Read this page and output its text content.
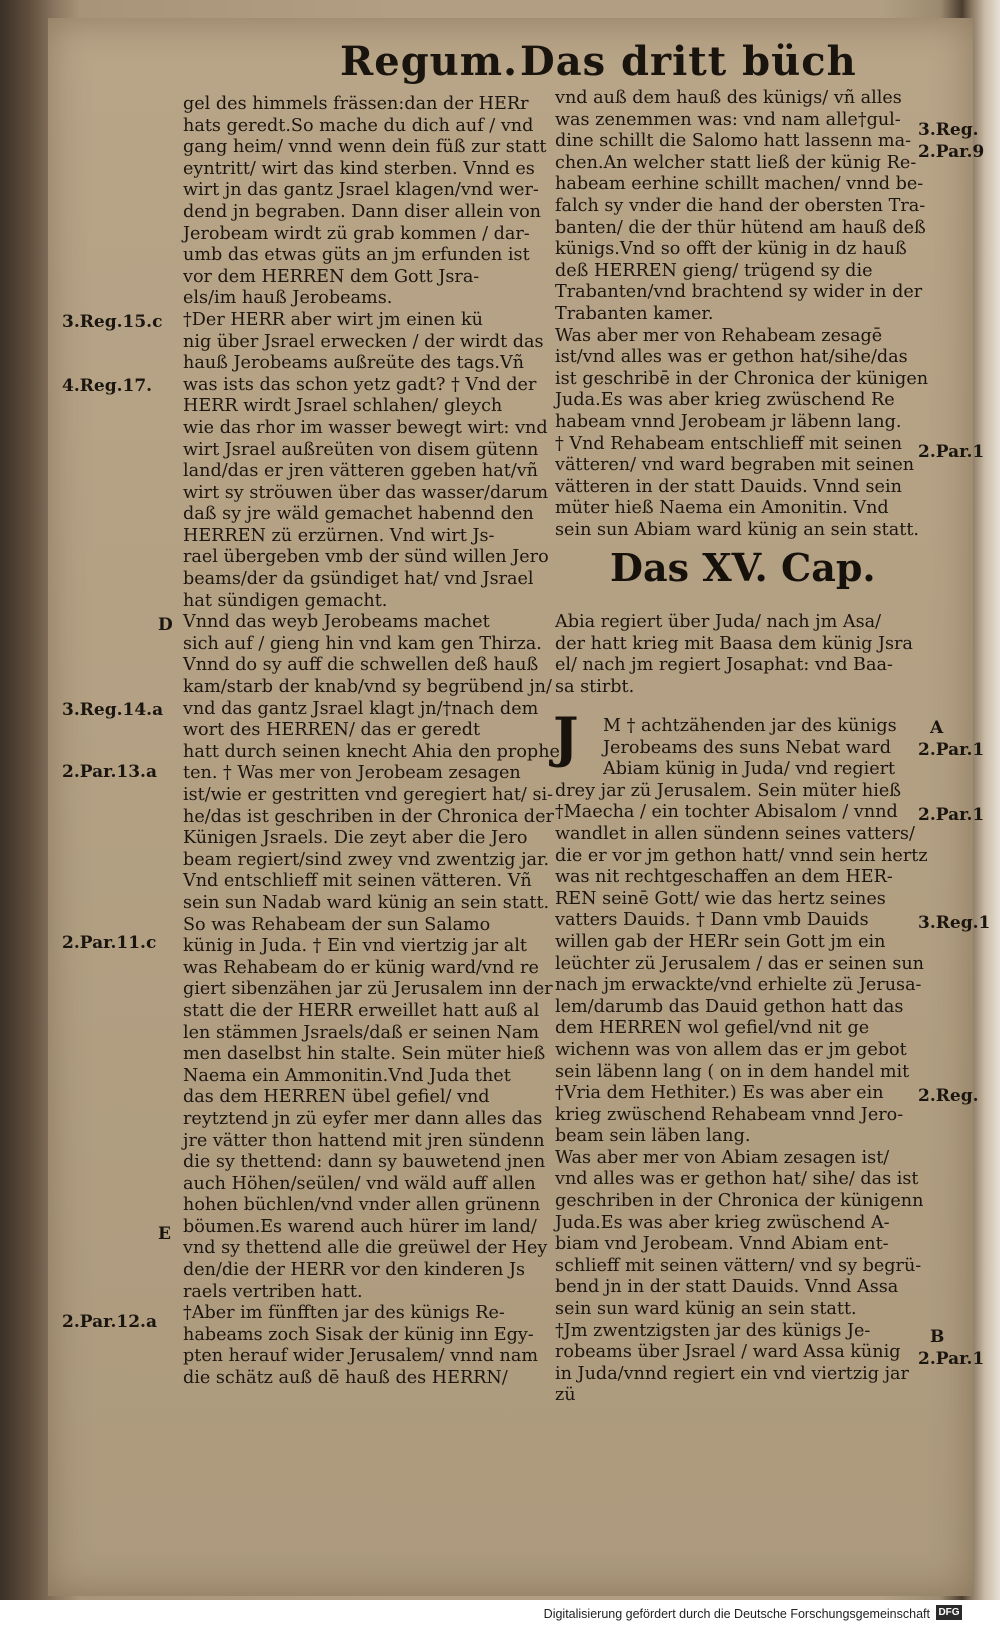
Regum. Das dritt büch

gel des himmels frässen:dan der HERr

hats geredt.So mache du dich auf / vnd

gang heim/ vnnd wenn dein füß zur statt

eyntritt/ wirt das kind sterben. Vnnd es

wirt jn das gantz Jsrael klagen/vnd wer-

dend jn begraben. Dann diser allein von

Jerobeam wirdt zü grab kommen / dar-

umb das etwas güts an jm erfunden ist

vor dem HERREN dem Gott Jsra-

els/im hauß Jerobeams.

†Der HERR aber wirt jm einen kü

nig über Jsrael erwecken / der wirdt das

hauß Jerobeams außreüte des tags.Vñ

was ists das schon yetz gadt? † Vnd der

HERR wirdt Jsrael schlahen/ gleych

wie das rhor im wasser bewegt wirt: vnd

wirt Jsrael außreüten von disem gütenn

land/das er jren vätteren ggeben hat/vñ

wirt sy ströuwen über das wasser/darum

daß sy jre wäld gemachet habennd den

HERREN zü erzürnen. Vnd wirt Js-

rael übergeben vmb der sünd willen Jero

beams/der da gsündiget hat/ vnd Jsrael

hat sündigen gemacht.

Vnnd das weyb Jerobeams machet

sich auf / gieng hin vnd kam gen Thirza.

Vnnd do sy auff die schwellen deß hauß

kam/starb der knab/vnd sy begrübend jn/

vnd das gantz Jsrael klagt jn/†nach dem

wort des HERREN/ das er geredt

hatt durch seinen knecht Ahia den prophe

ten. † Was mer von Jerobeam zesagen

ist/wie er gestritten vnd geregiert hat/ si-

he/das ist geschriben in der Chronica der

Künigen Jsraels. Die zeyt aber die Jero

beam regiert/sind zwey vnd zwentzig jar.

Vnd entschlieff mit seinen vätteren. Vñ

sein sun Nadab ward künig an sein statt.

So was Rehabeam der sun Salamo

künig in Juda. † Ein vnd viertzig jar alt

was Rehabeam do er künig ward/vnd re

giert sibenzähen jar zü Jerusalem inn der

statt die der HERR erweillet hatt auß al

len stämmen Jsraels/daß er seinen Nam

men daselbst hin stalte. Sein müter hieß

Naema ein Ammonitin.Vnd Juda thet

das dem HERREN übel gefiel/ vnd

reytztend jn zü eyfer mer dann alles das

jre vätter thon hattend mit jren sündenn

die sy thettend: dann sy bauwetend jnen

auch Höhen/seülen/ vnd wäld auff allen

hohen büchlen/vnd vnder allen grünenn

böumen.Es warend auch hürer im land/

vnd sy thettend alle die greüwel der Hey

den/die der HERR vor den kinderen Js

raels vertriben hatt.

†Aber im fünfften jar des künigs Re-

habeams zoch Sisak der künig inn Egy-

pten herauf wider Jerusalem/ vnnd nam

die schätz auß dē hauß des HERRN/

vnd auß dem hauß des künigs/ vñ alles

was zenemmen was: vnd nam alle†gul-

dine schillt die Salomo hatt lassenn ma-

chen.An welcher statt ließ der künig Re-

habeam eerhine schillt machen/ vnnd be-

falch sy vnder die hand der obersten Tra-

banten/ die der thür hütend am hauß deß

künigs.Vnd so offt der künig in dz hauß

deß HERREN gieng/ trügend sy die

Trabanten/vnd brachtend sy wider in der

Trabanten kamer.

Was aber mer von Rehabeam zesagē

ist/vnd alles was er gethon hat/sihe/das

ist geschribē in der Chronica der künigen

Juda.Es was aber krieg zwüschend Re

habeam vnnd Jerobeam jr läbenn lang.

† Vnd Rehabeam entschlieff mit seinen

vätteren/ vnd ward begraben mit seinen

vätteren in der statt Dauids. Vnnd sein

müter hieß Naema ein Amonitin. Vnd

sein sun Abiam ward künig an sein statt.

Das XV. Cap.

Abia regiert über Juda/ nach jm Asa/

der hatt krieg mit Baasa dem künig Jsra

el/ nach jm regiert Josaphat: vnd Baa-

sa stirbt.

J	M † achtzähenden jar des künigs

Jerobeams des suns Nebat ward

Abiam künig in Juda/ vnd regiert

drey jar zü Jerusalem. Sein müter hieß

†Maecha / ein tochter Abisalom / vnnd

wandlet in allen sündenn seines vatters/

die er vor jm gethon hatt/ vnnd sein hertz

was nit rechtgeschaffen an dem HER-

REN seinē Gott/ wie das hertz seines

vatters Dauids. † Dann vmb Dauids

willen gab der HERr sein Gott jm ein

leüchter zü Jerusalem / das er seinen sun

nach jm erwackte/vnd erhielte zü Jerusa-

lem/darumb das Dauid gethon hatt das

dem HERREN wol gefiel/vnd nit ge

wichenn was von allem das er jm gebot

sein läbenn lang ( on in dem handel mit

†Vria dem Hethiter.) Es was aber ein

krieg zwüschend Rehabeam vnnd Jero-

beam sein läben lang.

Was aber mer von Abiam zesagen ist/

vnd alles was er gethon hat/ sihe/ das ist

geschriben in der Chronica der künigenn

Juda.Es was aber krieg zwüschend A-

biam vnd Jerobeam. Vnnd Abiam ent-

schlieff mit seinen vättern/ vnd sy begrü-

bend jn in der statt Dauids. Vnnd Assa

sein sun ward künig an sein statt.

†Jm zwentzigsten jar des künigs Je-

robeams über Jsrael / ward Assa künig

in Juda/vnnd regiert ein vnd viertzig jar

zü

3.Reg.15.c
4.Reg.17.
D
3.Reg.14.a
2.Par.13.a
2.Par.11.c
E
2.Par.12.a
3.Reg.
2.Par.9
2.Par.1
A
2.Par.1
2.Par.1
3.Reg.1
2.Reg.
B
2.Par.1
Digitalisierung gefördert durch die Deutsche Forschungsgemeinschaft DFG
